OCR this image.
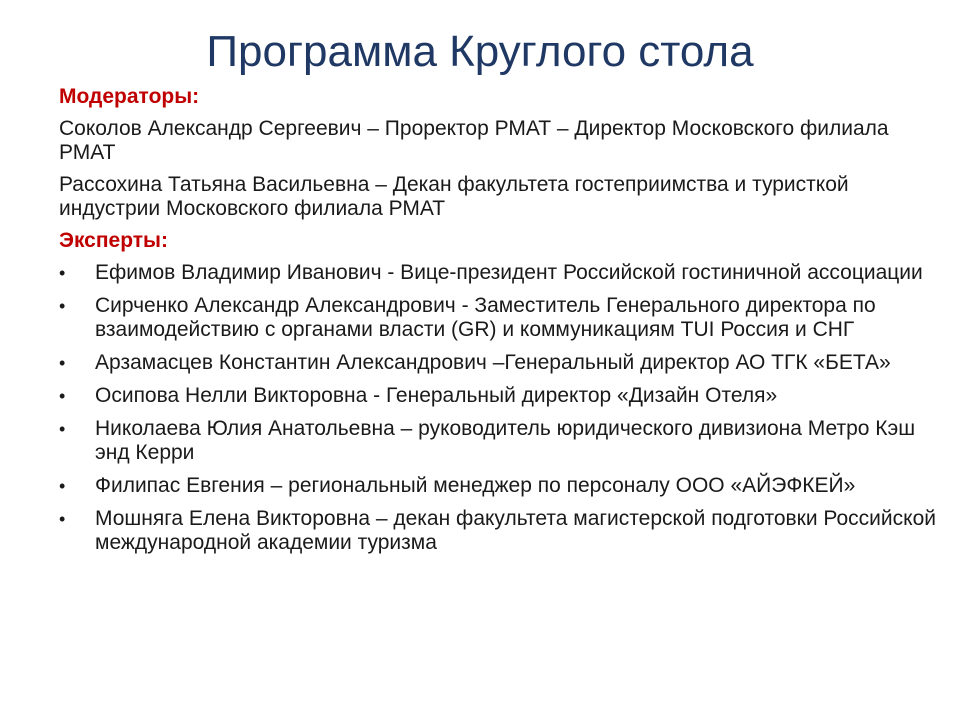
Программа Круглого стола
Модераторы:
Соколов Александр Сергеевич – Проректор РМАТ – Директор Московского филиала РМАТ
Рассохина Татьяна Васильевна – Декан факультета гостеприимства и туристкой индустрии Московского филиала РМАТ
Эксперты:
•	Ефимов Владимир Иванович - Вице-президент Российской гостиничной ассоциации
•	Сирченко Александр Александрович - Заместитель Генерального директора по взаимодействию с органами власти (GR) и коммуникациям TUI Россия и СНГ
•	Арзамасцев Константин Александрович –Генеральный директор АО ТГК «БЕТА»
•	Осипова Нелли Викторовна - Генеральный директор «Дизайн Отеля»
•	Николаева Юлия Анатольевна – руководитель юридического дивизиона Метро Кэш энд Керри
•	Филипас Евгения – региональный менеджер по персоналу ООО «АЙЭФКЕЙ»
•	Мошняга Елена Викторовна – декан факультета магистерской подготовки Российской международной академии туризма
